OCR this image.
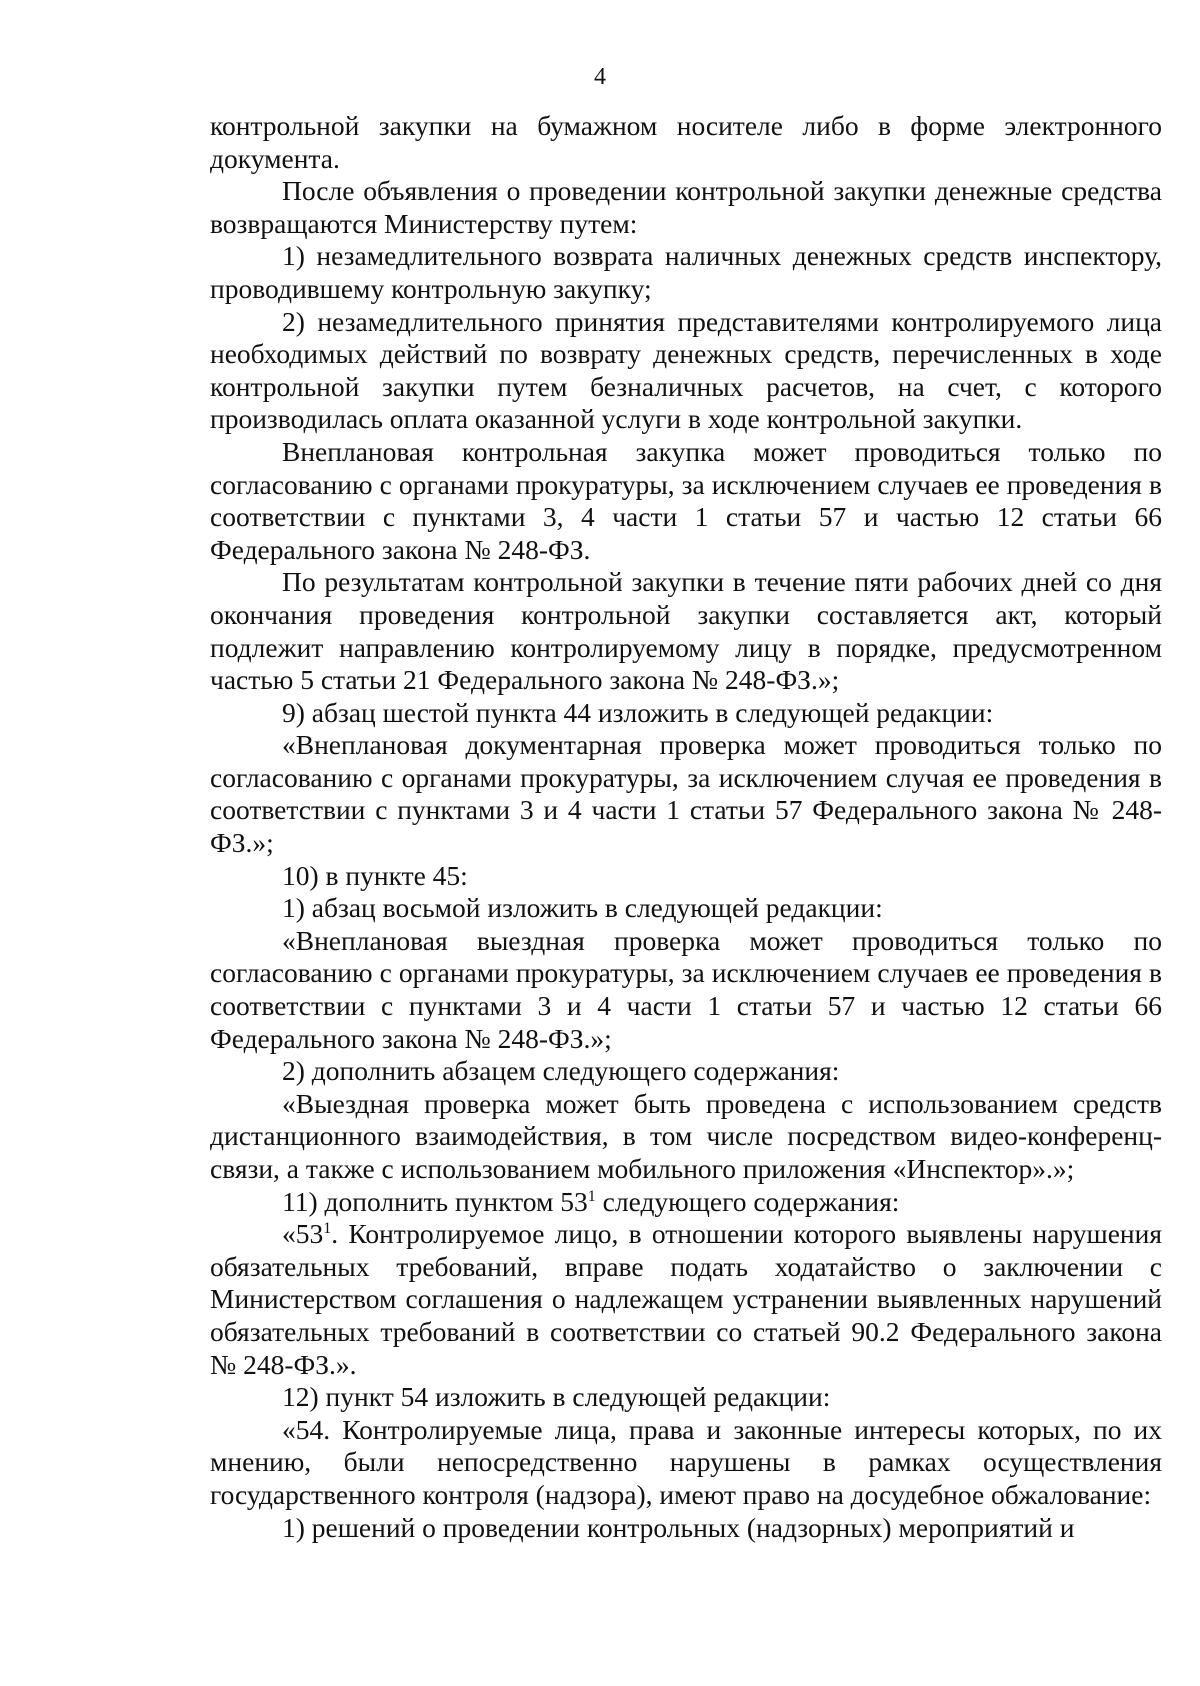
4

контрольной закупки на бумажном носителе либо в форме электронного документа.

После объявления о проведении контрольной закупки денежные средства возвращаются Министерству путем:

1) незамедлительного возврата наличных денежных средств инспектору, проводившему контрольную закупку;

2) незамедлительного принятия представителями контролируемого лица необходимых действий по возврату денежных средств, перечисленных в ходе контрольной закупки путем безналичных расчетов, на счет, с которого производилась оплата оказанной услуги в ходе контрольной закупки.

Внеплановая контрольная закупка может проводиться только по согласованию с органами прокуратуры, за исключением случаев ее проведения в соответствии с пунктами 3, 4 части 1 статьи 57 и частью 12 статьи 66 Федерального закона № 248-ФЗ.

По результатам контрольной закупки в течение пяти рабочих дней со дня окончания проведения контрольной закупки составляется акт, который подлежит направлению контролируемому лицу в порядке, предусмотренном частью 5 статьи 21 Федерального закона № 248-ФЗ.»;

9) абзац шестой пункта 44 изложить в следующей редакции:

«Внеплановая документарная проверка может проводиться только по согласованию с органами прокуратуры, за исключением случая ее проведения в соответствии с пунктами 3 и 4 части 1 статьи 57 Федерального закона № 248-ФЗ.»;

10) в пункте 45:

1) абзац восьмой изложить в следующей редакции:

«Внеплановая выездная проверка может проводиться только по согласованию с органами прокуратуры, за исключением случаев ее проведения в соответствии с пунктами 3 и 4 части 1 статьи 57 и частью 12 статьи 66 Федерального закона № 248-ФЗ.»;

2) дополнить абзацем следующего содержания:

«Выездная проверка может быть проведена с использованием средств дистанционного взаимодействия, в том числе посредством видео-конференц-связи, а также с использованием мобильного приложения «Инспектор».»;

11) дополнить пунктом $53^1$ следующего содержания:

«$53^1$. Контролируемое лицо, в отношении которого выявлены нарушения обязательных требований, вправе подать ходатайство о заключении с Министерством соглашения о надлежащем устранении выявленных нарушений обязательных требований в соответствии со статьей 90.2 Федерального закона № 248-ФЗ.».

12) пункт 54 изложить в следующей редакции:

«54. Контролируемые лица, права и законные интересы которых, по их мнению, были непосредственно нарушены в рамках осуществления государственного контроля (надзора), имеют право на досудебное обжалование:

1) решений о проведении контрольных (надзорных) мероприятий и
